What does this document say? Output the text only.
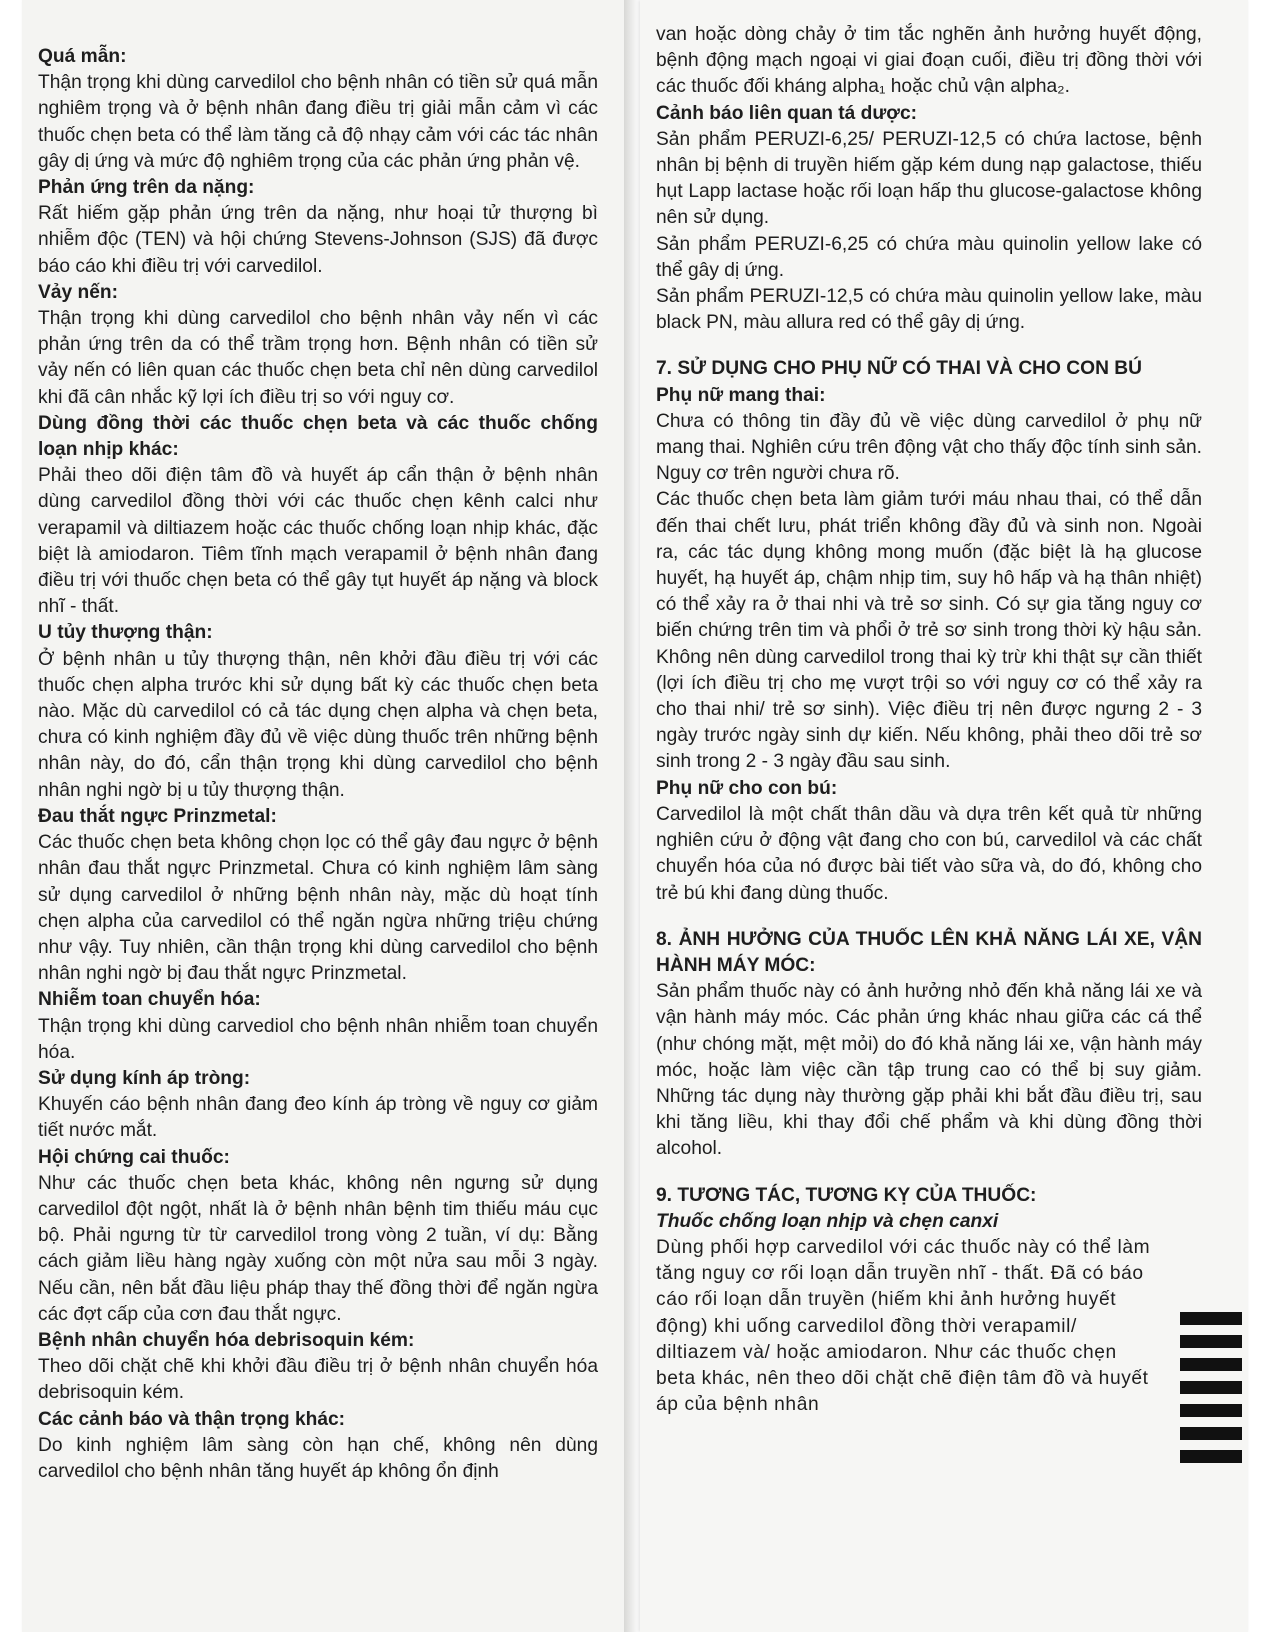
Quá mẫn:

Thận trọng khi dùng carvedilol cho bệnh nhân có tiền sử quá mẫn nghiêm trọng và ở bệnh nhân đang điều trị giải mẫn cảm vì các thuốc chẹn beta có thể làm tăng cả độ nhạy cảm với các tác nhân gây dị ứng và mức độ nghiêm trọng của các phản ứng phản vệ.

Phản ứng trên da nặng:

Rất hiếm gặp phản ứng trên da nặng, như hoại tử thượng bì nhiễm độc (TEN) và hội chứng Stevens-Johnson (SJS) đã được báo cáo khi điều trị với carvedilol.

Vảy nến:

Thận trọng khi dùng carvedilol cho bệnh nhân vảy nến vì các phản ứng trên da có thể trầm trọng hơn. Bệnh nhân có tiền sử vảy nến có liên quan các thuốc chẹn beta chỉ nên dùng carvedilol khi đã cân nhắc kỹ lợi ích điều trị so với nguy cơ.

Dùng đồng thời các thuốc chẹn beta và các thuốc chống loạn nhịp khác:

Phải theo dõi điện tâm đồ và huyết áp cẩn thận ở bệnh nhân dùng carvedilol đồng thời với các thuốc chẹn kênh calci như verapamil và diltiazem hoặc các thuốc chống loạn nhịp khác, đặc biệt là amiodaron. Tiêm tĩnh mạch verapamil ở bệnh nhân đang điều trị với thuốc chẹn beta có thể gây tụt huyết áp nặng và block nhĩ - thất.

U tủy thượng thận:

Ở bệnh nhân u tủy thượng thận, nên khởi đầu điều trị với các thuốc chẹn alpha trước khi sử dụng bất kỳ các thuốc chẹn beta nào. Mặc dù carvedilol có cả tác dụng chẹn alpha và chẹn beta, chưa có kinh nghiệm đầy đủ về việc dùng thuốc trên những bệnh nhân này, do đó, cẩn thận trọng khi dùng carvedilol cho bệnh nhân nghi ngờ bị u tủy thượng thận.

Đau thắt ngực Prinzmetal:

Các thuốc chẹn beta không chọn lọc có thể gây đau ngực ở bệnh nhân đau thắt ngực Prinzmetal. Chưa có kinh nghiệm lâm sàng sử dụng carvedilol ở những bệnh nhân này, mặc dù hoạt tính chẹn alpha của carvedilol có thể ngăn ngừa những triệu chứng như vậy. Tuy nhiên, cần thận trọng khi dùng carvedilol cho bệnh nhân nghi ngờ bị đau thắt ngực Prinzmetal.

Nhiễm toan chuyển hóa:

Thận trọng khi dùng carvediol cho bệnh nhân nhiễm toan chuyển hóa.

Sử dụng kính áp tròng:

Khuyến cáo bệnh nhân đang đeo kính áp tròng về nguy cơ giảm tiết nước mắt.

Hội chứng cai thuốc:

Như các thuốc chẹn beta khác, không nên ngưng sử dụng carvedilol đột ngột, nhất là ở bệnh nhân bệnh tim thiếu máu cục bộ. Phải ngưng từ từ carvedilol trong vòng 2 tuần, ví dụ: Bằng cách giảm liều hàng ngày xuống còn một nửa sau mỗi 3 ngày. Nếu cần, nên bắt đầu liệu pháp thay thế đồng thời để ngăn ngừa các đợt cấp của cơn đau thắt ngực.

Bệnh nhân chuyển hóa debrisoquin kém:

Theo dõi chặt chẽ khi khởi đầu điều trị ở bệnh nhân chuyển hóa debrisoquin kém.

Các cảnh báo và thận trọng khác:

Do kinh nghiệm lâm sàng còn hạn chế, không nên dùng carvedilol cho bệnh nhân tăng huyết áp không ổn định

van hoặc dòng chảy ở tim tắc nghẽn ảnh hưởng huyết động, bệnh động mạch ngoại vi giai đoạn cuối, điều trị đồng thời với các thuốc đối kháng alpha₁ hoặc chủ vận alpha₂.

Cảnh báo liên quan tá dược:

Sản phẩm PERUZI-6,25/ PERUZI-12,5 có chứa lactose, bệnh nhân bị bệnh di truyền hiếm gặp kém dung nạp galactose, thiếu hụt Lapp lactase hoặc rối loạn hấp thu glucose-galactose không nên sử dụng.

Sản phẩm PERUZI-6,25 có chứa màu quinolin yellow lake có thể gây dị ứng.

Sản phẩm PERUZI-12,5 có chứa màu quinolin yellow lake, màu black PN, màu allura red có thể gây dị ứng.

7. SỬ DỤNG CHO PHỤ NỮ CÓ THAI VÀ CHO CON BÚ

Phụ nữ mang thai:

Chưa có thông tin đầy đủ về việc dùng carvedilol ở phụ nữ mang thai. Nghiên cứu trên động vật cho thấy độc tính sinh sản. Nguy cơ trên người chưa rõ.

Các thuốc chẹn beta làm giảm tưới máu nhau thai, có thể dẫn đến thai chết lưu, phát triển không đầy đủ và sinh non. Ngoài ra, các tác dụng không mong muốn (đặc biệt là hạ glucose huyết, hạ huyết áp, chậm nhịp tim, suy hô hấp và hạ thân nhiệt) có thể xảy ra ở thai nhi và trẻ sơ sinh. Có sự gia tăng nguy cơ biến chứng trên tim và phổi ở trẻ sơ sinh trong thời kỳ hậu sản. Không nên dùng carvedilol trong thai kỳ trừ khi thật sự cần thiết (lợi ích điều trị cho mẹ vượt trội so với nguy cơ có thể xảy ra cho thai nhi/ trẻ sơ sinh). Việc điều trị nên được ngưng 2 - 3 ngày trước ngày sinh dự kiến. Nếu không, phải theo dõi trẻ sơ sinh trong 2 - 3 ngày đầu sau sinh.

Phụ nữ cho con bú:

Carvedilol là một chất thân dầu và dựa trên kết quả từ những nghiên cứu ở động vật đang cho con bú, carvedilol và các chất chuyển hóa của nó được bài tiết vào sữa và, do đó, không cho trẻ bú khi đang dùng thuốc.

8. ẢNH HƯỞNG CỦA THUỐC LÊN KHẢ NĂNG LÁI XE, VẬN HÀNH MÁY MÓC:

Sản phẩm thuốc này có ảnh hưởng nhỏ đến khả năng lái xe và vận hành máy móc. Các phản ứng khác nhau giữa các cá thể (như chóng mặt, mệt mỏi) do đó khả năng lái xe, vận hành máy móc, hoặc làm việc cần tập trung cao có thể bị suy giảm. Những tác dụng này thường gặp phải khi bắt đầu điều trị, sau khi tăng liều, khi thay đổi chế phẩm và khi dùng đồng thời alcohol.

9. TƯƠNG TÁC, TƯƠNG KỴ CỦA THUỐC:

Thuốc chống loạn nhịp và chẹn canxi

Dùng phối hợp carvedilol với các thuốc này có thể làm tăng nguy cơ rối loạn dẫn truyền nhĩ - thất. Đã có báo cáo rối loạn dẫn truyền (hiếm khi ảnh hưởng huyết động) khi uống carvedilol đồng thời verapamil/ diltiazem và/ hoặc amiodaron. Như các thuốc chẹn beta khác, nên theo dõi chặt chẽ điện tâm đồ và huyết áp của bệnh nhân
